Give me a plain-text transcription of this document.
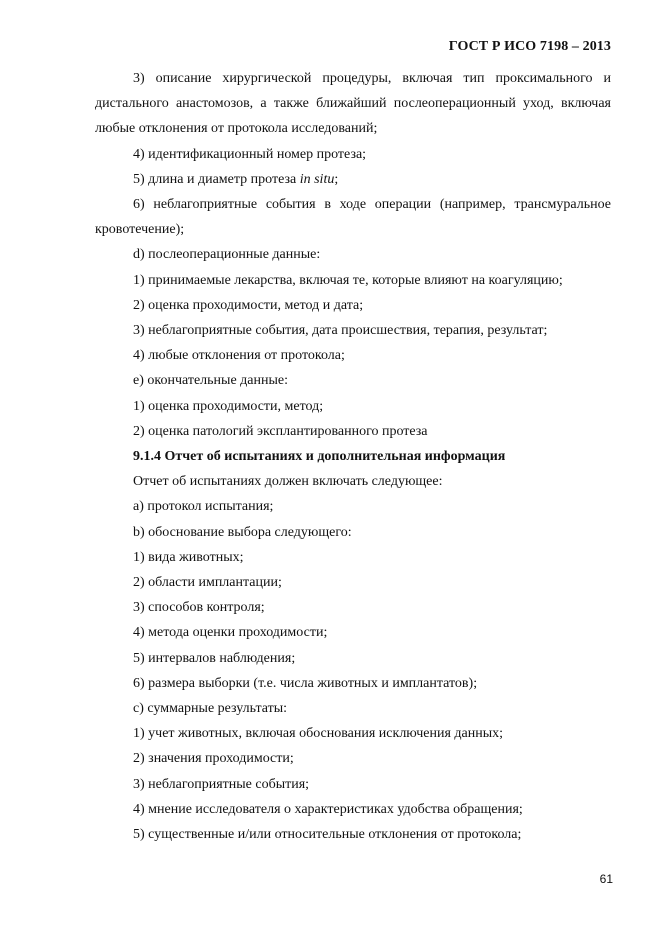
ГОСТ Р ИСО 7198 – 2013

3) описание хирургической процедуры, включая тип проксимального и

дистального анастомозов, а также ближайший послеоперационный уход, включая любые отклонения от протокола исследований;

4) идентификационный номер протеза;

5) длина и диаметр протеза in situ;

6) неблагоприятные события в ходе операции (например, трансмуральное

кровотечение);

d) послеоперационные данные:

1) принимаемые лекарства, включая те, которые влияют на коагуляцию;

2) оценка проходимости, метод и дата;

3) неблагоприятные события, дата происшествия, терапия, результат;

4) любые отклонения от протокола;

e) окончательные данные:

1) оценка проходимости, метод;

2) оценка патологий эксплантированного протеза

9.1.4 Отчет об испытаниях и дополнительная информация

Отчет об испытаниях должен включать следующее:

a) протокол испытания;

b) обоснование выбора следующего:

1) вида животных;

2) области имплантации;

3) способов контроля;

4) метода оценки проходимости;

5) интервалов наблюдения;

6) размера выборки (т.е. числа животных и имплантатов);

c) суммарные результаты:

1) учет животных, включая обоснования исключения данных;

2) значения проходимости;

3) неблагоприятные события;

4) мнение исследователя о характеристиках удобства обращения;

5) существенные и/или относительные отклонения от протокола;

61
